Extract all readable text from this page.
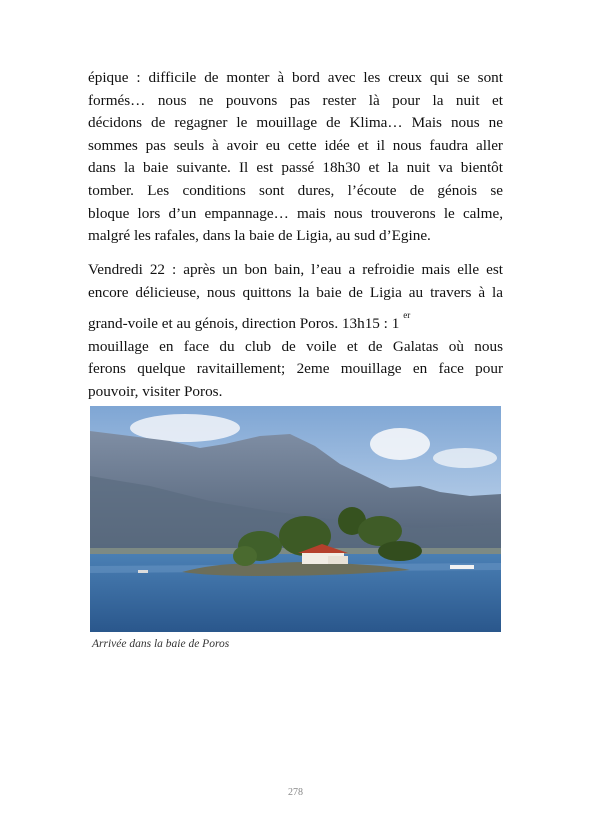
épique : difficile de monter à bord avec les creux qui se sont
formés… nous ne pouvons pas rester là pour la nuit et
décidons de regagner le mouillage de Klima… Mais nous ne
sommes pas seuls à avoir eu cette idée et il nous faudra aller
dans la baie suivante. Il est passé 18h30 et la nuit va bientôt
tomber. Les conditions sont dures, l’écoute de génois se
bloque lors d’un empannage… mais nous trouverons le calme,
malgré les rafales, dans la baie de Ligia, au sud d’Egine.
Vendredi 22 : après un bon bain, l’eau a refroidie mais elle est
encore délicieuse, nous quittons la baie de Ligia au travers à la
grand-voile et au génois, direction Poros. 13h15 : 1 $^{er}$
mouillage en face du club de voile et de Galatas où nous
ferons quelque ravitaillement; 2eme mouillage en face pour
pouvoir, visiter Poros.
Arrivée dans la baie de Poros
278
